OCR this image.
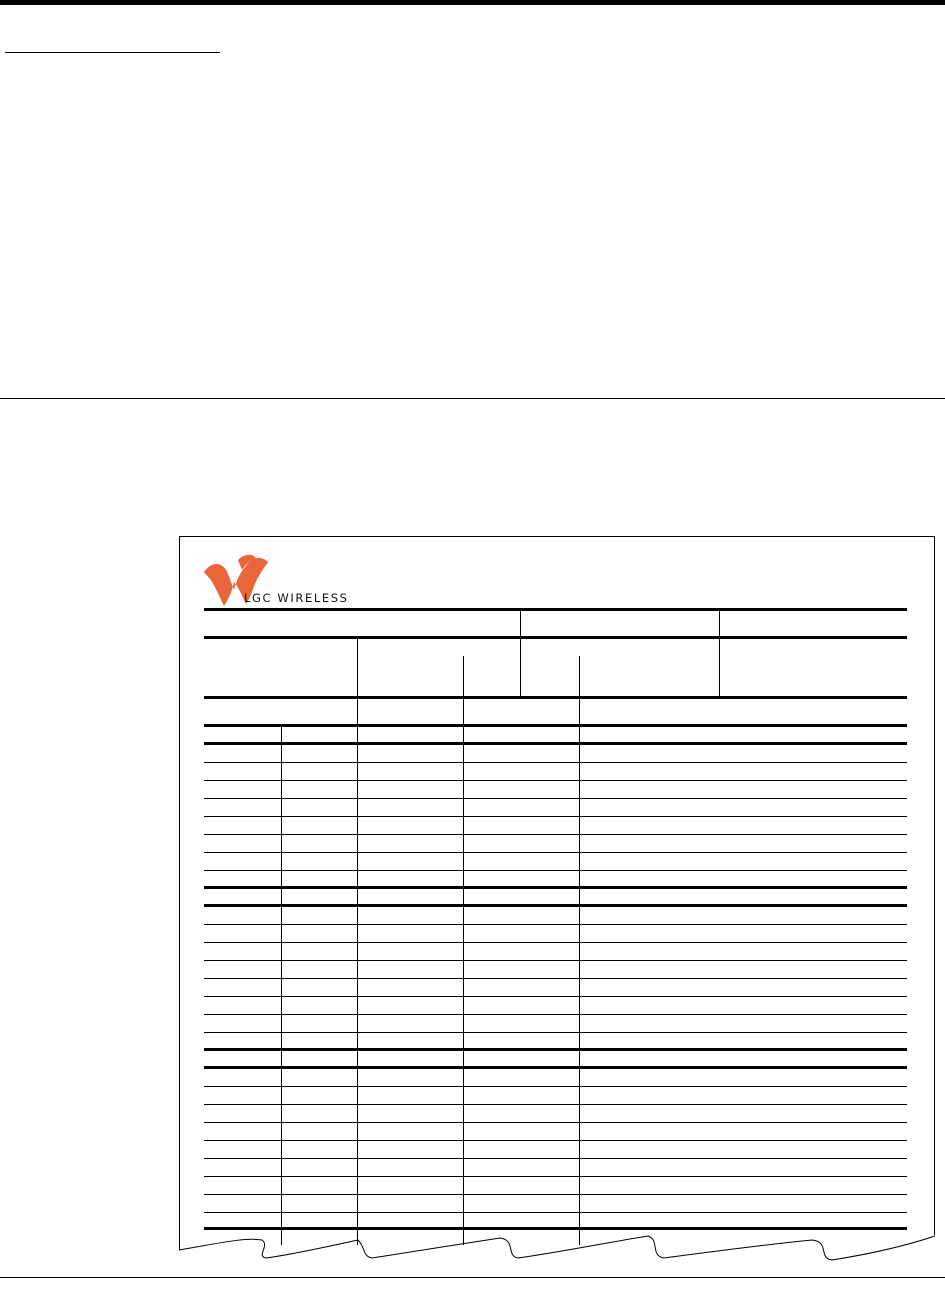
LGC WIRELESS
